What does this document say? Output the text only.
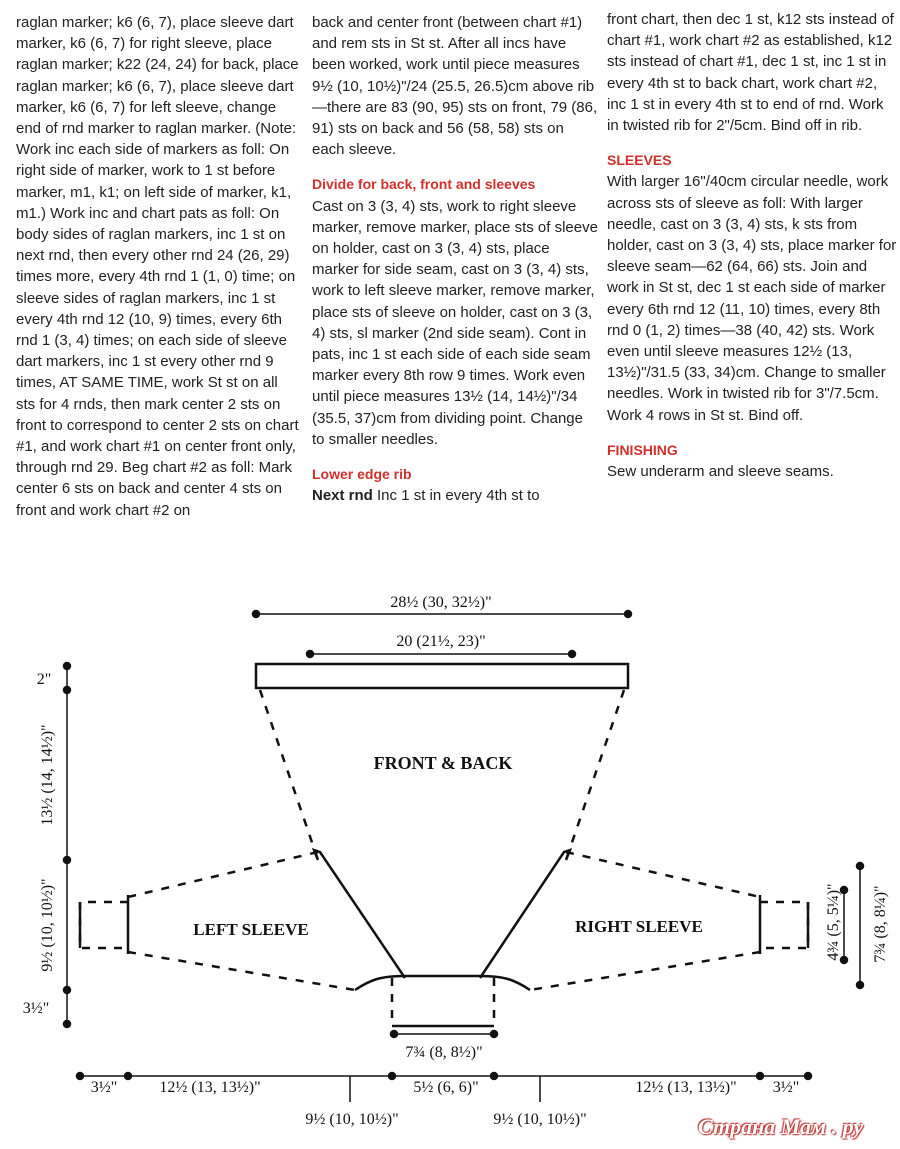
raglan marker; k6 (6, 7), place sleeve dart marker, k6 (6, 7) for right sleeve, place raglan marker; k22 (24, 24) for back, place raglan marker; k6 (6, 7), place sleeve dart marker, k6 (6, 7) for left sleeve, change end of rnd marker to raglan marker. (Note: Work inc each side of markers as foll: On right side of marker, work to 1 st before marker, m1, k1; on left side of marker, k1, m1.) Work inc and chart pats as foll: On body sides of raglan markers, inc 1 st on next rnd, then every other rnd 24 (26, 29) times more, every 4th rnd 1 (1, 0) time; on sleeve sides of raglan markers, inc 1 st every 4th rnd 12 (10, 9) times, every 6th rnd 1 (3, 4) times; on each side of sleeve dart markers, inc 1 st every other rnd 9 times, AT SAME TIME, work St st on all sts for 4 rnds, then mark center 2 sts on front to correspond to center 2 sts on chart #1, and work chart #1 on center front only, through rnd 29. Beg chart #2 as foll: Mark center 6 sts on back and center 4 sts on front and work chart #2 on

back and center front (between chart #1) and rem sts in St st. After all incs have been worked, work until piece measures 9½ (10, 10½)"/24 (25.5, 26.5)cm above rib—there are 83 (90, 95) sts on front, 79 (86, 91) sts on back and 56 (58, 58) sts on each sleeve.

Divide for back, front and sleeves

Cast on 3 (3, 4) sts, work to right sleeve marker, remove marker, place sts of sleeve on holder, cast on 3 (3, 4) sts, place marker for side seam, cast on 3 (3, 4) sts, work to left sleeve marker, remove marker, place sts of sleeve on holder, cast on 3 (3, 4) sts, sl marker (2nd side seam). Cont in pats, inc 1 st each side of each side seam marker every 8th row 9 times. Work even until piece measures 13½ (14, 14½)"/34 (35.5, 37)cm from dividing point. Change to smaller needles.

Lower edge rib

Next rnd Inc 1 st in every 4th st to

front chart, then dec 1 st, k12 sts instead of chart #1, work chart #2 as established, k12 sts instead of chart #1, dec 1 st, inc 1 st in every 4th st to back chart, work chart #2, inc 1 st in every 4th st to end of rnd. Work in twisted rib for 2"/5cm. Bind off in rib.

SLEEVES

With larger 16"/40cm circular needle, work across sts of sleeve as foll: With larger needle, cast on 3 (3, 4) sts, k sts from holder, cast on 3 (3, 4) sts, place marker for sleeve seam—62 (64, 66) sts. Join and work in St st, dec 1 st each side of marker every 6th rnd 12 (11, 10) times, every 8th rnd 0 (1, 2) times—38 (40, 42) sts. Work even until sleeve measures 12½ (13, 13½)"/31.5 (33, 34)cm. Change to smaller needles. Work in twisted rib for 3"/7.5cm. Work 4 rows in St st. Bind off.

FINISHING

Sew underarm and sleeve seams.

FRONT & BACK
LEFT SLEEVE	RIGHT SLEEVE
28½ (30, 32½)"
20 (21½, 23)"
7¾ (8, 8½)"
2"
13½ (14, 14½)"
9½ (10, 10½)"
3½"
4¾ (5, 5¼)" 7¾ (8, 8¼)"
3½"	12½ (13, 13½)"	5½ (6, 6)"	12½ (13, 13½)" 3½"
9½ (10, 10½)"	9½ (10, 10½)"	Страна Мам . ру
